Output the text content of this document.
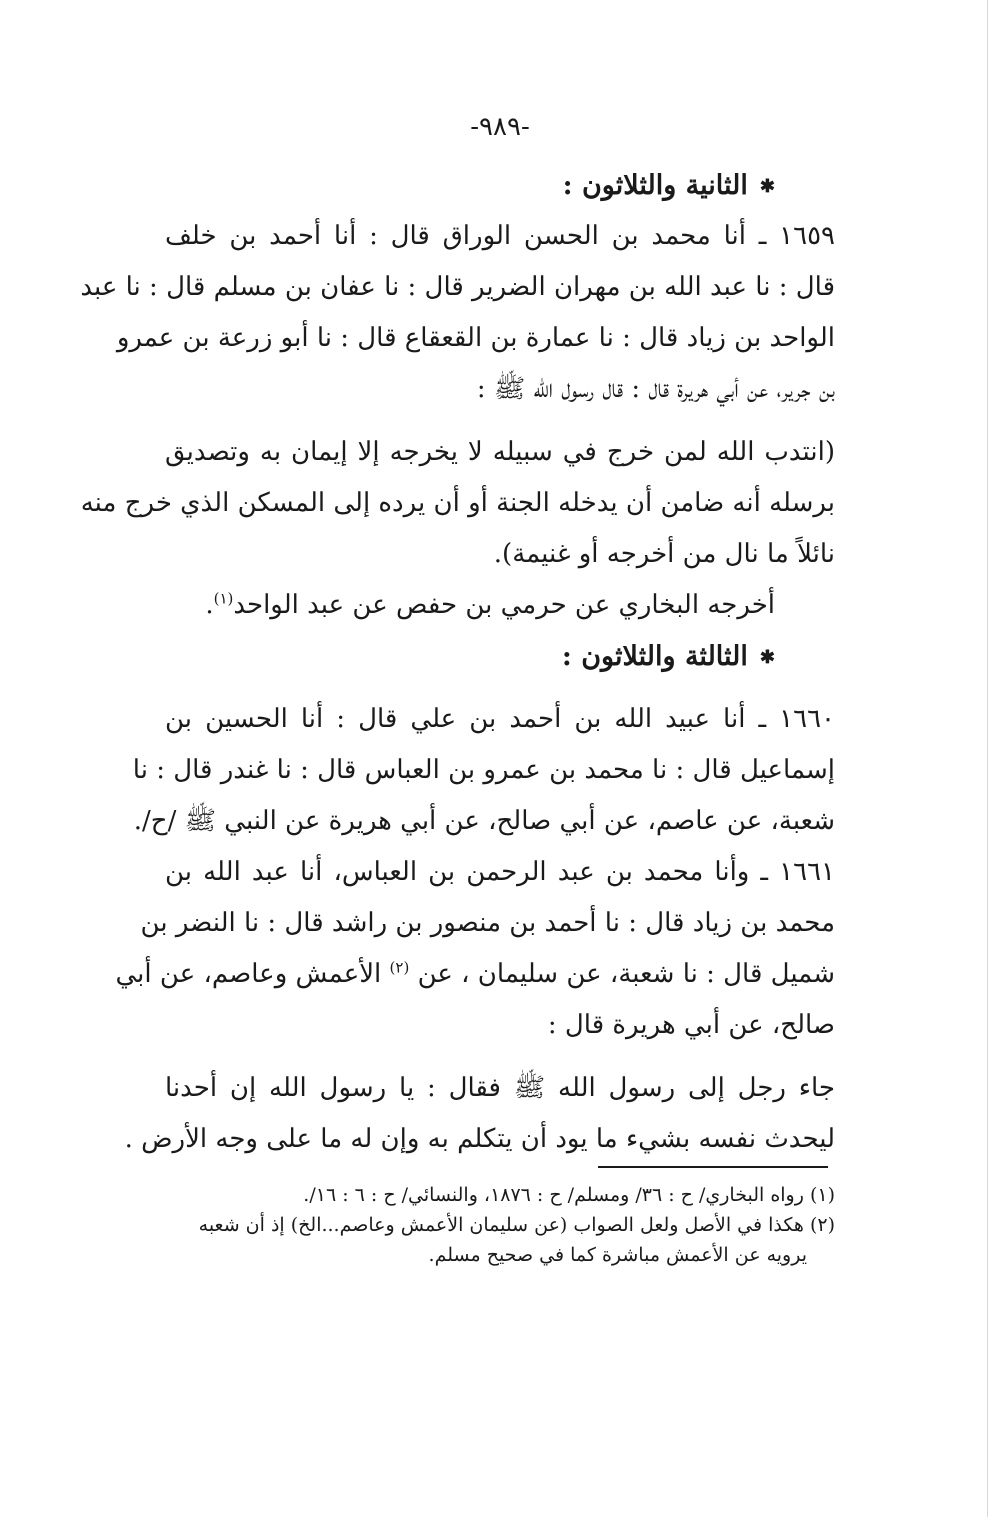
-٩٨٩-
✱الثانية والثلاثون :
١٦٥٩ ـ أنا محمد بن الحسن الوراق قال : أنا أحمد بن خلف
قال : نا عبد الله بن مهران الضرير قال : نا عفان بن مسلم قال : نا عبد
الواحد بن زياد قال : نا عمارة بن القعقاع قال : نا أبو زرعة بن عمرو
بن جرير، عن أبي هريرة قال : قال رسول الله ﷺ :
(انتدب الله لمن خرج في سبيله لا يخرجه إلا إيمان به وتصديق
برسله أنه ضامن أن يدخله الجنة أو أن يرده إلى المسكن الذي خرج منه
نائلاً ما نال من أخرجه أو غنيمة).
أخرجه البخاري عن حرمي بن حفص عن عبد الواحد$^{(١)}$.
✱الثالثة والثلاثون :
١٦٦٠ ـ أنا عبيد الله بن أحمد بن علي قال : أنا الحسين بن
إسماعيل قال : نا محمد بن عمرو بن العباس قال : نا غندر قال : نا
شعبة، عن عاصم، عن أبي صالح، عن أبي هريرة عن النبي ﷺ /ح/.
١٦٦١ ـ وأنا محمد بن عبد الرحمن بن العباس، أنا عبد الله بن
محمد بن زياد قال : نا أحمد بن منصور بن راشد قال : نا النضر بن
شميل قال : نا شعبة، عن سليمان ، عن $^{(٢)}$ الأعمش وعاصم، عن أبي
صالح، عن أبي هريرة قال :
جاء رجل إلى رسول الله ﷺ فقال : يا رسول الله إن أحدنا
ليحدث نفسه بشيء ما يود أن يتكلم به وإن له ما على وجه الأرض .
(١) رواه البخاري/ ح : ٣٦/ ومسلم/ ح : ١٨٧٦، والنسائي/ ح : ٦ : ١٦/.
(٢) هكذا في الأصل ولعل الصواب (عن سليمان الأعمش وعاصم...الخ) إذ أن شعبه
يرويه عن الأعمش مباشرة كما في صحيح مسلم.
